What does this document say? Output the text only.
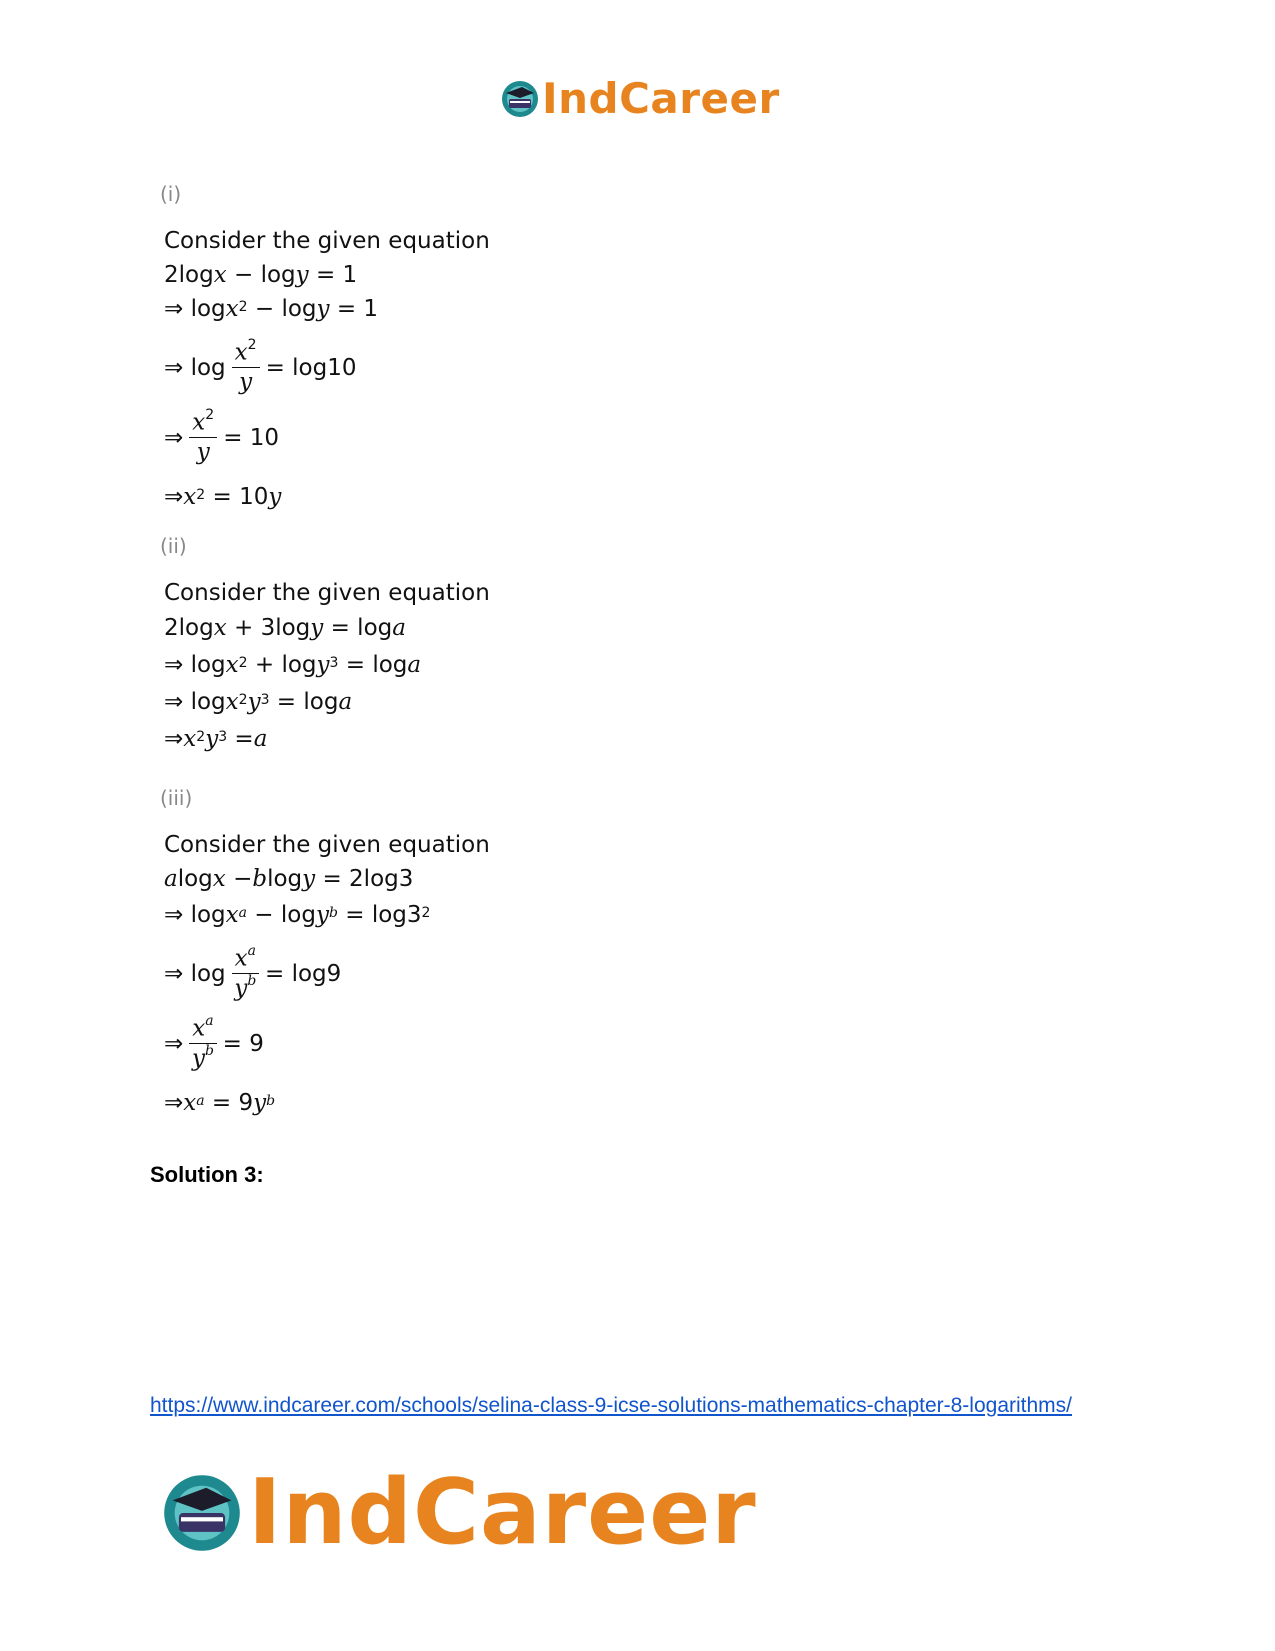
IndCareer
(i)
Consider the given equation
2log x − log y = 1
⇒ $\log x^2 - \log y = 1$
⇒ $\log \frac{x^2}{y} = \log 10$
⇒ $\frac{x^2}{y} = 10$
⇒ $x^2 = 10$ y
(ii)
Consider the given equation
2log x + 3log y = log a
⇒ $\log x^2 + \log y^3 = \log a$
⇒ $\log x^2$ $y^3 = \log a$
⇒ $x^2$ $y^3 = a$
(iii)
Consider the given equation
a log x − b log y = 2log3
⇒ log x $^a$ − log y $^b = \log 3^2$
⇒ $\log \frac{x^a}{y^b} = \log 9$
⇒ $\frac{x^a}{y^b} = 9$
⇒ x $^a$ = 9 y $^b$
Solution 3:
https://www.indcareer.com/schools/selina-class-9-icse-solutions-mathematics-chapter-8-logarithms/
IndCareer
